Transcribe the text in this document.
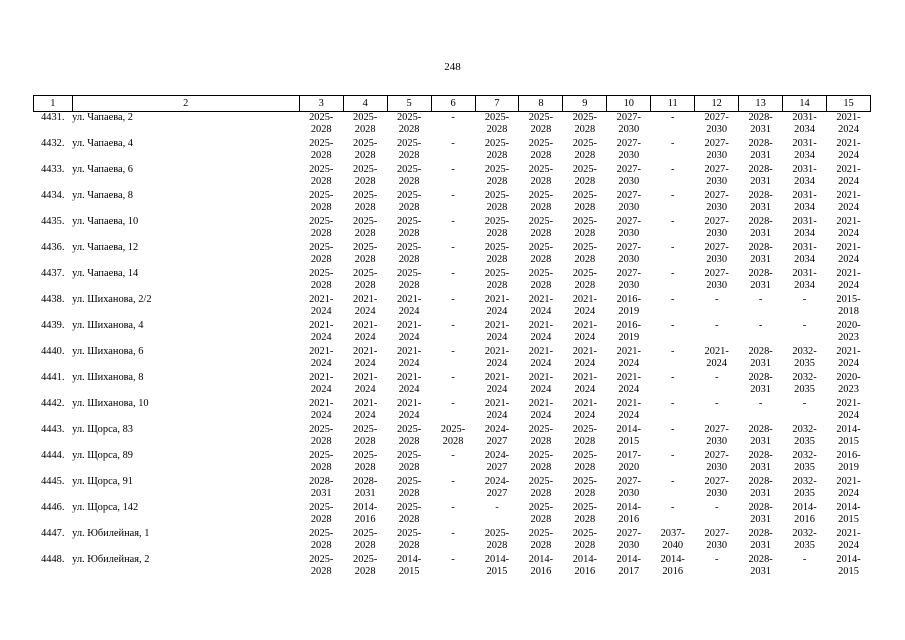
248
1	2	3	4	5	6	7	8	9	10	11	12	13	14	15
4431.	ул. Чапаева, 2	2025-
2028	2025-
2028	2025-
2028	-	2025-
2028	2025-
2028	2025-
2028	2027-
2030	-	2027-
2030	2028-
2031	2031-
2034	2021-
2024

4432.	ул. Чапаева, 4	2025-
2028	2025-
2028	2025-
2028	-	2025-
2028	2025-
2028	2025-
2028	2027-
2030	-	2027-
2030	2028-
2031	2031-
2034	2021-
2024

4433.	ул. Чапаева, 6	2025-
2028	2025-
2028	2025-
2028	-	2025-
2028	2025-
2028	2025-
2028	2027-
2030	-	2027-
2030	2028-
2031	2031-
2034	2021-
2024

4434.	ул. Чапаева, 8	2025-
2028	2025-
2028	2025-
2028	-	2025-
2028	2025-
2028	2025-
2028	2027-
2030	-	2027-
2030	2028-
2031	2031-
2034	2021-
2024

4435.	ул. Чапаева, 10	2025-
2028	2025-
2028	2025-
2028	-	2025-
2028	2025-
2028	2025-
2028	2027-
2030	-	2027-
2030	2028-
2031	2031-
2034	2021-
2024

4436.	ул. Чапаева, 12	2025-
2028	2025-
2028	2025-
2028	-	2025-
2028	2025-
2028	2025-
2028	2027-
2030	-	2027-
2030	2028-
2031	2031-
2034	2021-
2024

4437.	ул. Чапаева, 14	2025-
2028	2025-
2028	2025-
2028	-	2025-
2028	2025-
2028	2025-
2028	2027-
2030	-	2027-
2030	2028-
2031	2031-
2034	2021-
2024

4438.	ул. Шиханова, 2/2	2021-
2024	2021-
2024	2021-
2024	-	2021-
2024	2021-
2024	2021-
2024	2016-
2019	-	-	-	-	2015-
2018

4439.	ул. Шиханова, 4	2021-
2024	2021-
2024	2021-
2024	-	2021-
2024	2021-
2024	2021-
2024	2016-
2019	-	-	-	-	2020-
2023

4440.	ул. Шиханова, 6	2021-
2024	2021-
2024	2021-
2024	-	2021-
2024	2021-
2024	2021-
2024	2021-
2024	-	2021-
2024	2028-
2031	2032-
2035	2021-
2024

4441.	ул. Шиханова, 8	2021-
2024	2021-
2024	2021-
2024	-	2021-
2024	2021-
2024	2021-
2024	2021-
2024	-	-	2028-
2031	2032-
2035	2020-
2023

4442.	ул. Шиханова, 10	2021-
2024	2021-
2024	2021-
2024	-	2021-
2024	2021-
2024	2021-
2024	2021-
2024	-	-	-	-	2021-
2024

4443.	ул. Щорса, 83	2025-
2028	2025-
2028	2025-
2028	2025-
2028	2024-
2027	2025-
2028	2025-
2028	2014-
2015	-	2027-
2030	2028-
2031	2032-
2035	2014-
2015

4444.	ул. Щорса, 89	2025-
2028	2025-
2028	2025-
2028	-	2024-
2027	2025-
2028	2025-
2028	2017-
2020	-	2027-
2030	2028-
2031	2032-
2035	2016-
2019

4445.	ул. Щорса, 91	2028-
2031	2028-
2031	2025-
2028	-	2024-
2027	2025-
2028	2025-
2028	2027-
2030	-	2027-
2030	2028-
2031	2032-
2035	2021-
2024

4446.	ул. Щорса, 142	2025-
2028	2014-
2016	2025-
2028	-	-	2025-
2028	2025-
2028	2014-
2016	-	-	2028-
2031	2014-
2016	2014-
2015

4447.	ул. Юбилейная, 1	2025-
2028	2025-
2028	2025-
2028	-	2025-
2028	2025-
2028	2025-
2028	2027-
2030	2037-
2040	2027-
2030	2028-
2031	2032-
2035	2021-
2024

4448.	ул. Юбилейная, 2	2025-
2028	2025-
2028	2014-
2015	-	2014-
2015	2014-
2016	2014-
2016	2014-
2017	2014-
2016	-	2028-
2031	-	2014-
2015
